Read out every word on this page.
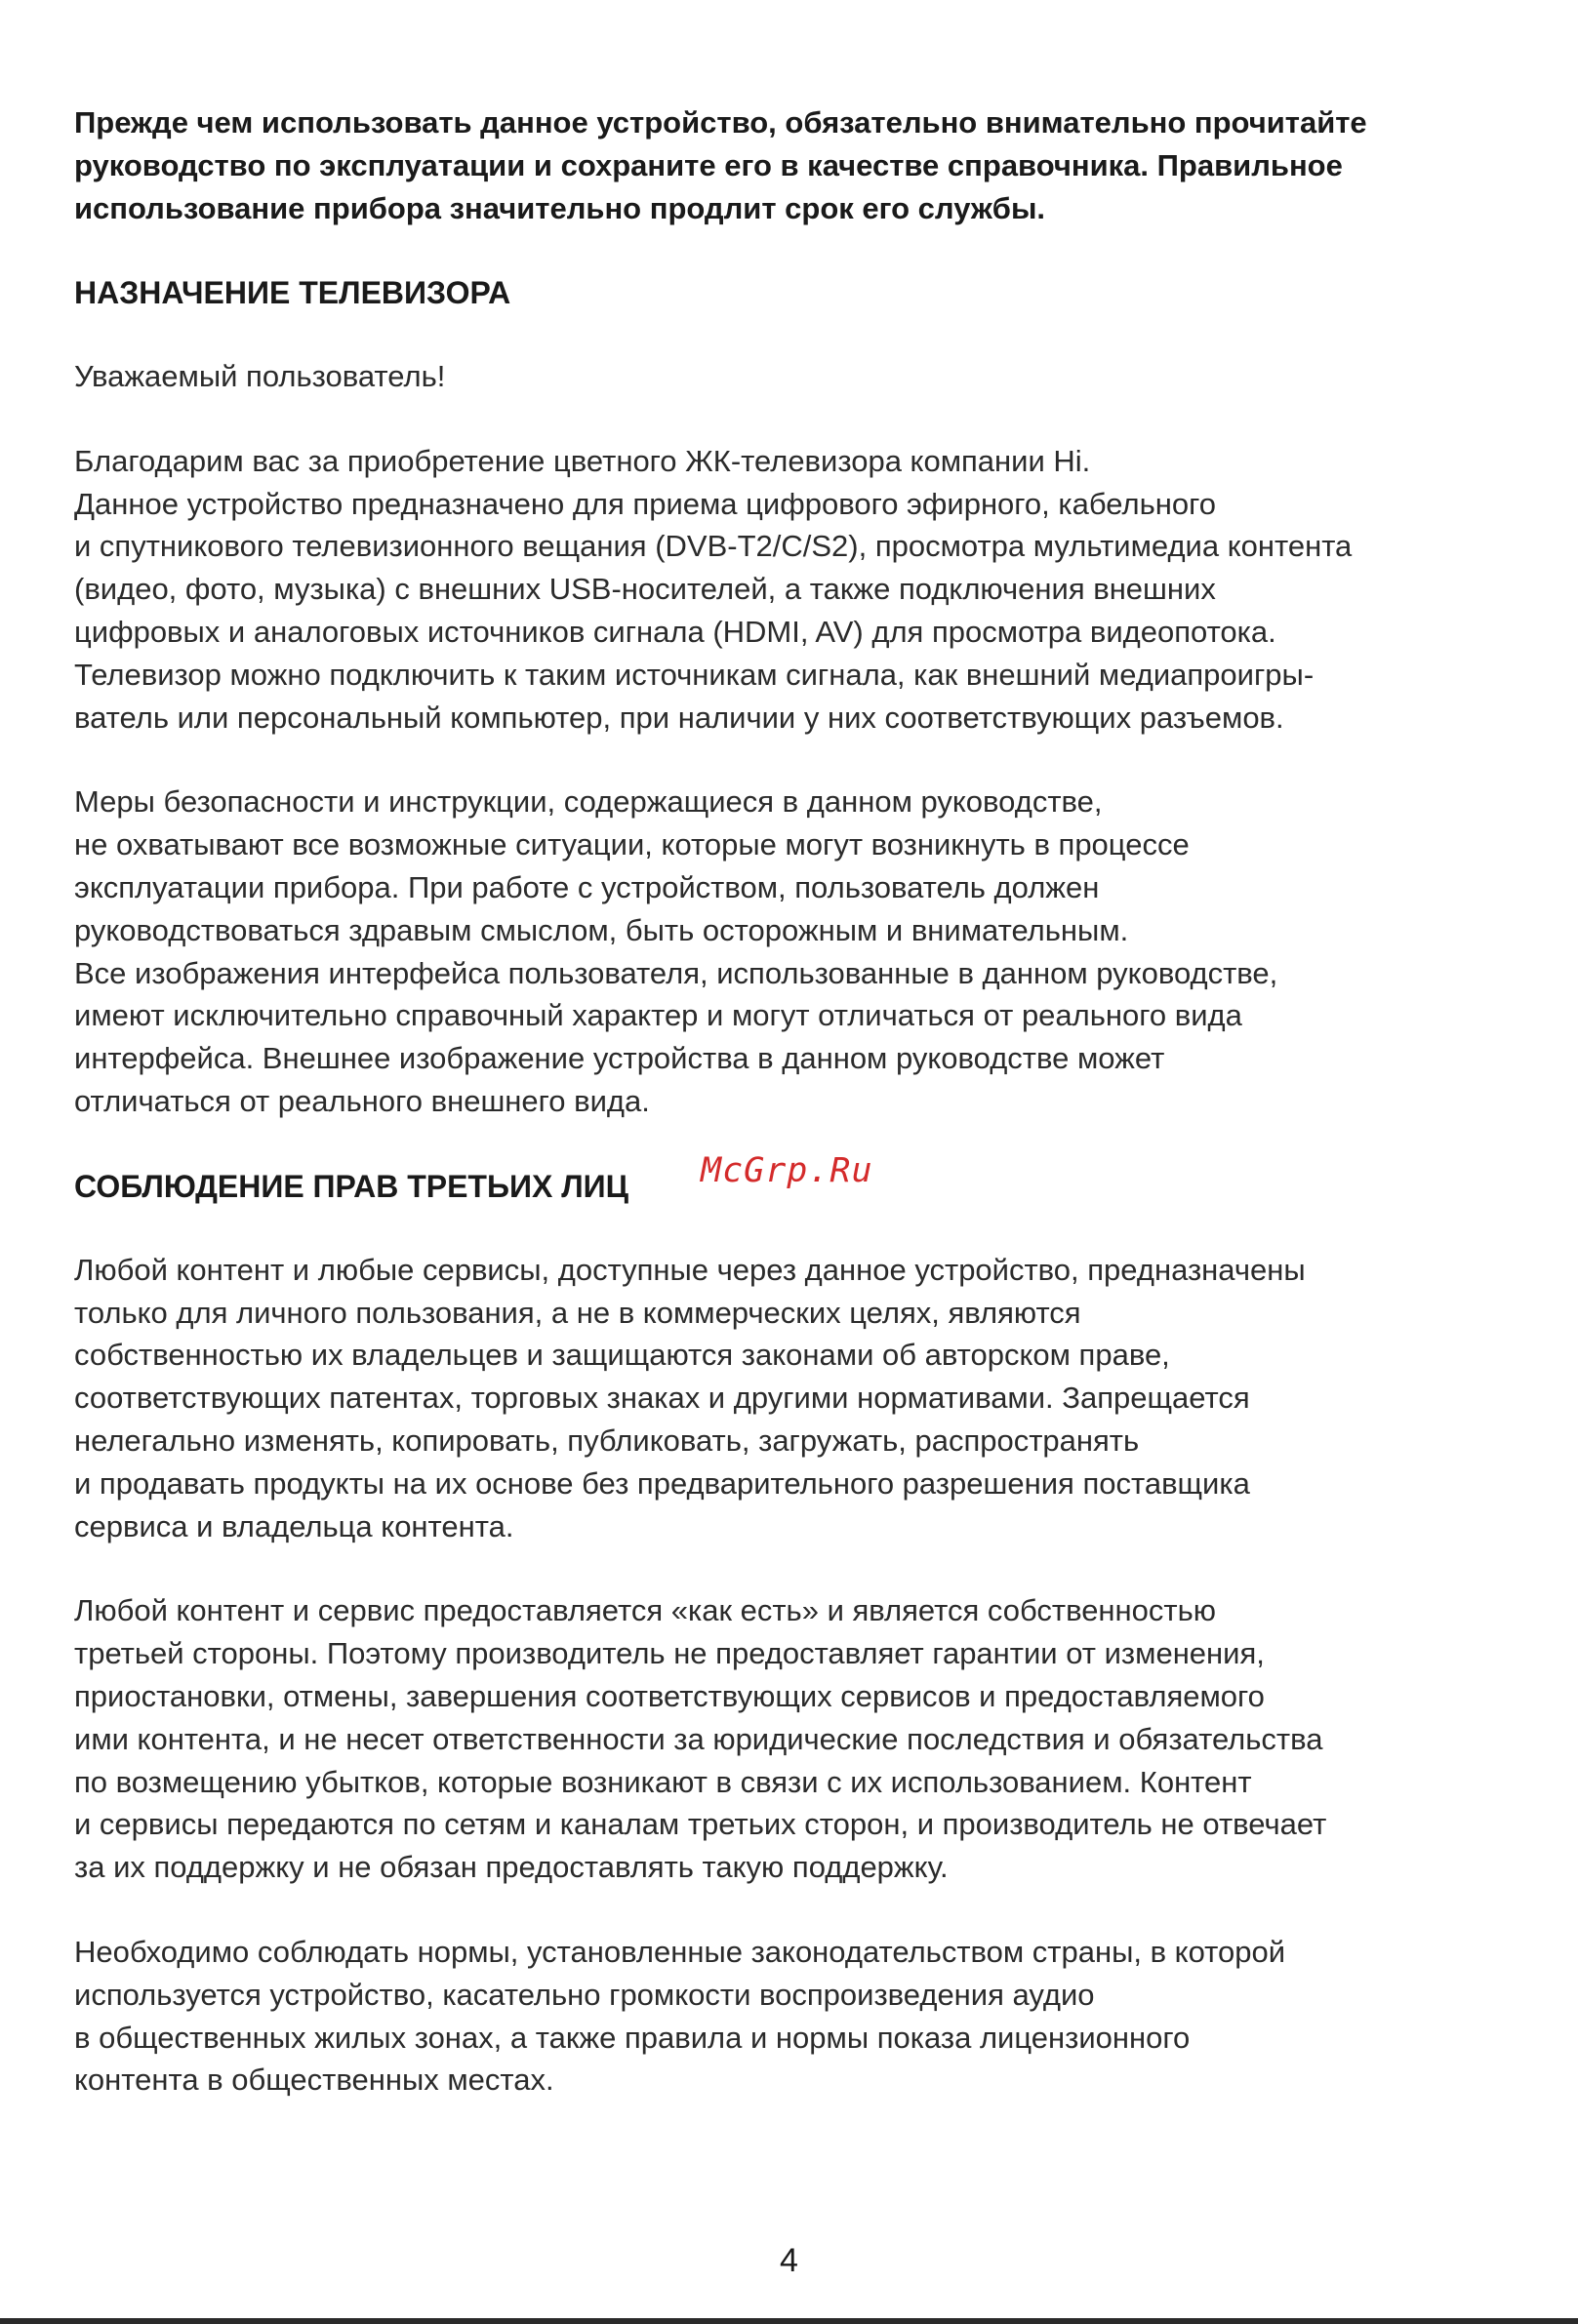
Прежде чем использовать данное устройство, обязательно внимательно прочитайте
руководство по эксплуатации и сохраните его в качестве справочника. Правильное
использование прибора значительно продлит срок его службы.

НАЗНАЧЕНИЕ ТЕЛЕВИЗОРА

Уважаемый пользователь!

Благодарим вас за приобретение цветного ЖК-телевизора компании Hi.
Данное устройство предназначено для приема цифрового эфирного, кабельного
и спутникового телевизионного вещания (DVB-T2/C/S2), просмотра мультимедиа контента
(видео, фото, музыка) с внешних USB-носителей, а также подключения внешних
цифровых и аналоговых источников сигнала (HDMI, AV) для просмотра видеопотока.
Телевизор можно подключить к таким источникам сигнала, как внешний медиапроигры-
ватель или персональный компьютер, при наличии у них соответствующих разъемов.

Меры безопасности и инструкции, содержащиеся в данном руководстве,
не охватывают все возможные ситуации, которые могут возникнуть в процессе
эксплуатации прибора. При работе с устройством, пользователь должен
руководствоваться здравым смыслом, быть осторожным и внимательным.
Все изображения интерфейса пользователя, использованные в данном руководстве,
имеют исключительно справочный характер и могут отличаться от реального вида
интерфейса. Внешнее изображение устройства в данном руководстве может
отличаться от реального внешнего вида.

СОБЛЮДЕНИЕ ПРАВ ТРЕТЬИХ ЛИЦ

Любой контент и любые сервисы, доступные через данное устройство, предназначены
только для личного пользования, а не в коммерческих целях, являются
собственностью их владельцев и защищаются законами об авторском праве,
соответствующих патентах, торговых знаках и другими нормативами. Запрещается
нелегально изменять, копировать, публиковать, загружать, распространять
и продавать продукты на их основе без предварительного разрешения поставщика
сервиса и владельца контента.

Любой контент и сервис предоставляется «как есть» и является собственностью
третьей стороны. Поэтому производитель не предоставляет гарантии от изменения,
приостановки, отмены, завершения соответствующих сервисов и предоставляемого
ими контента, и не несет ответственности за юридические последствия и обязательства
по возмещению убытков, которые возникают в связи с их использованием. Контент
и сервисы передаются по сетям и каналам третьих сторон, и производитель не отвечает
за их поддержку и не обязан предоставлять такую поддержку.

Необходимо соблюдать нормы, установленные законодательством страны, в которой
используется устройство, касательно громкости воспроизведения аудио
в общественных жилых зонах, а также правила и нормы показа лицензионного
контента в общественных местах.

McGrp.Ru
4
